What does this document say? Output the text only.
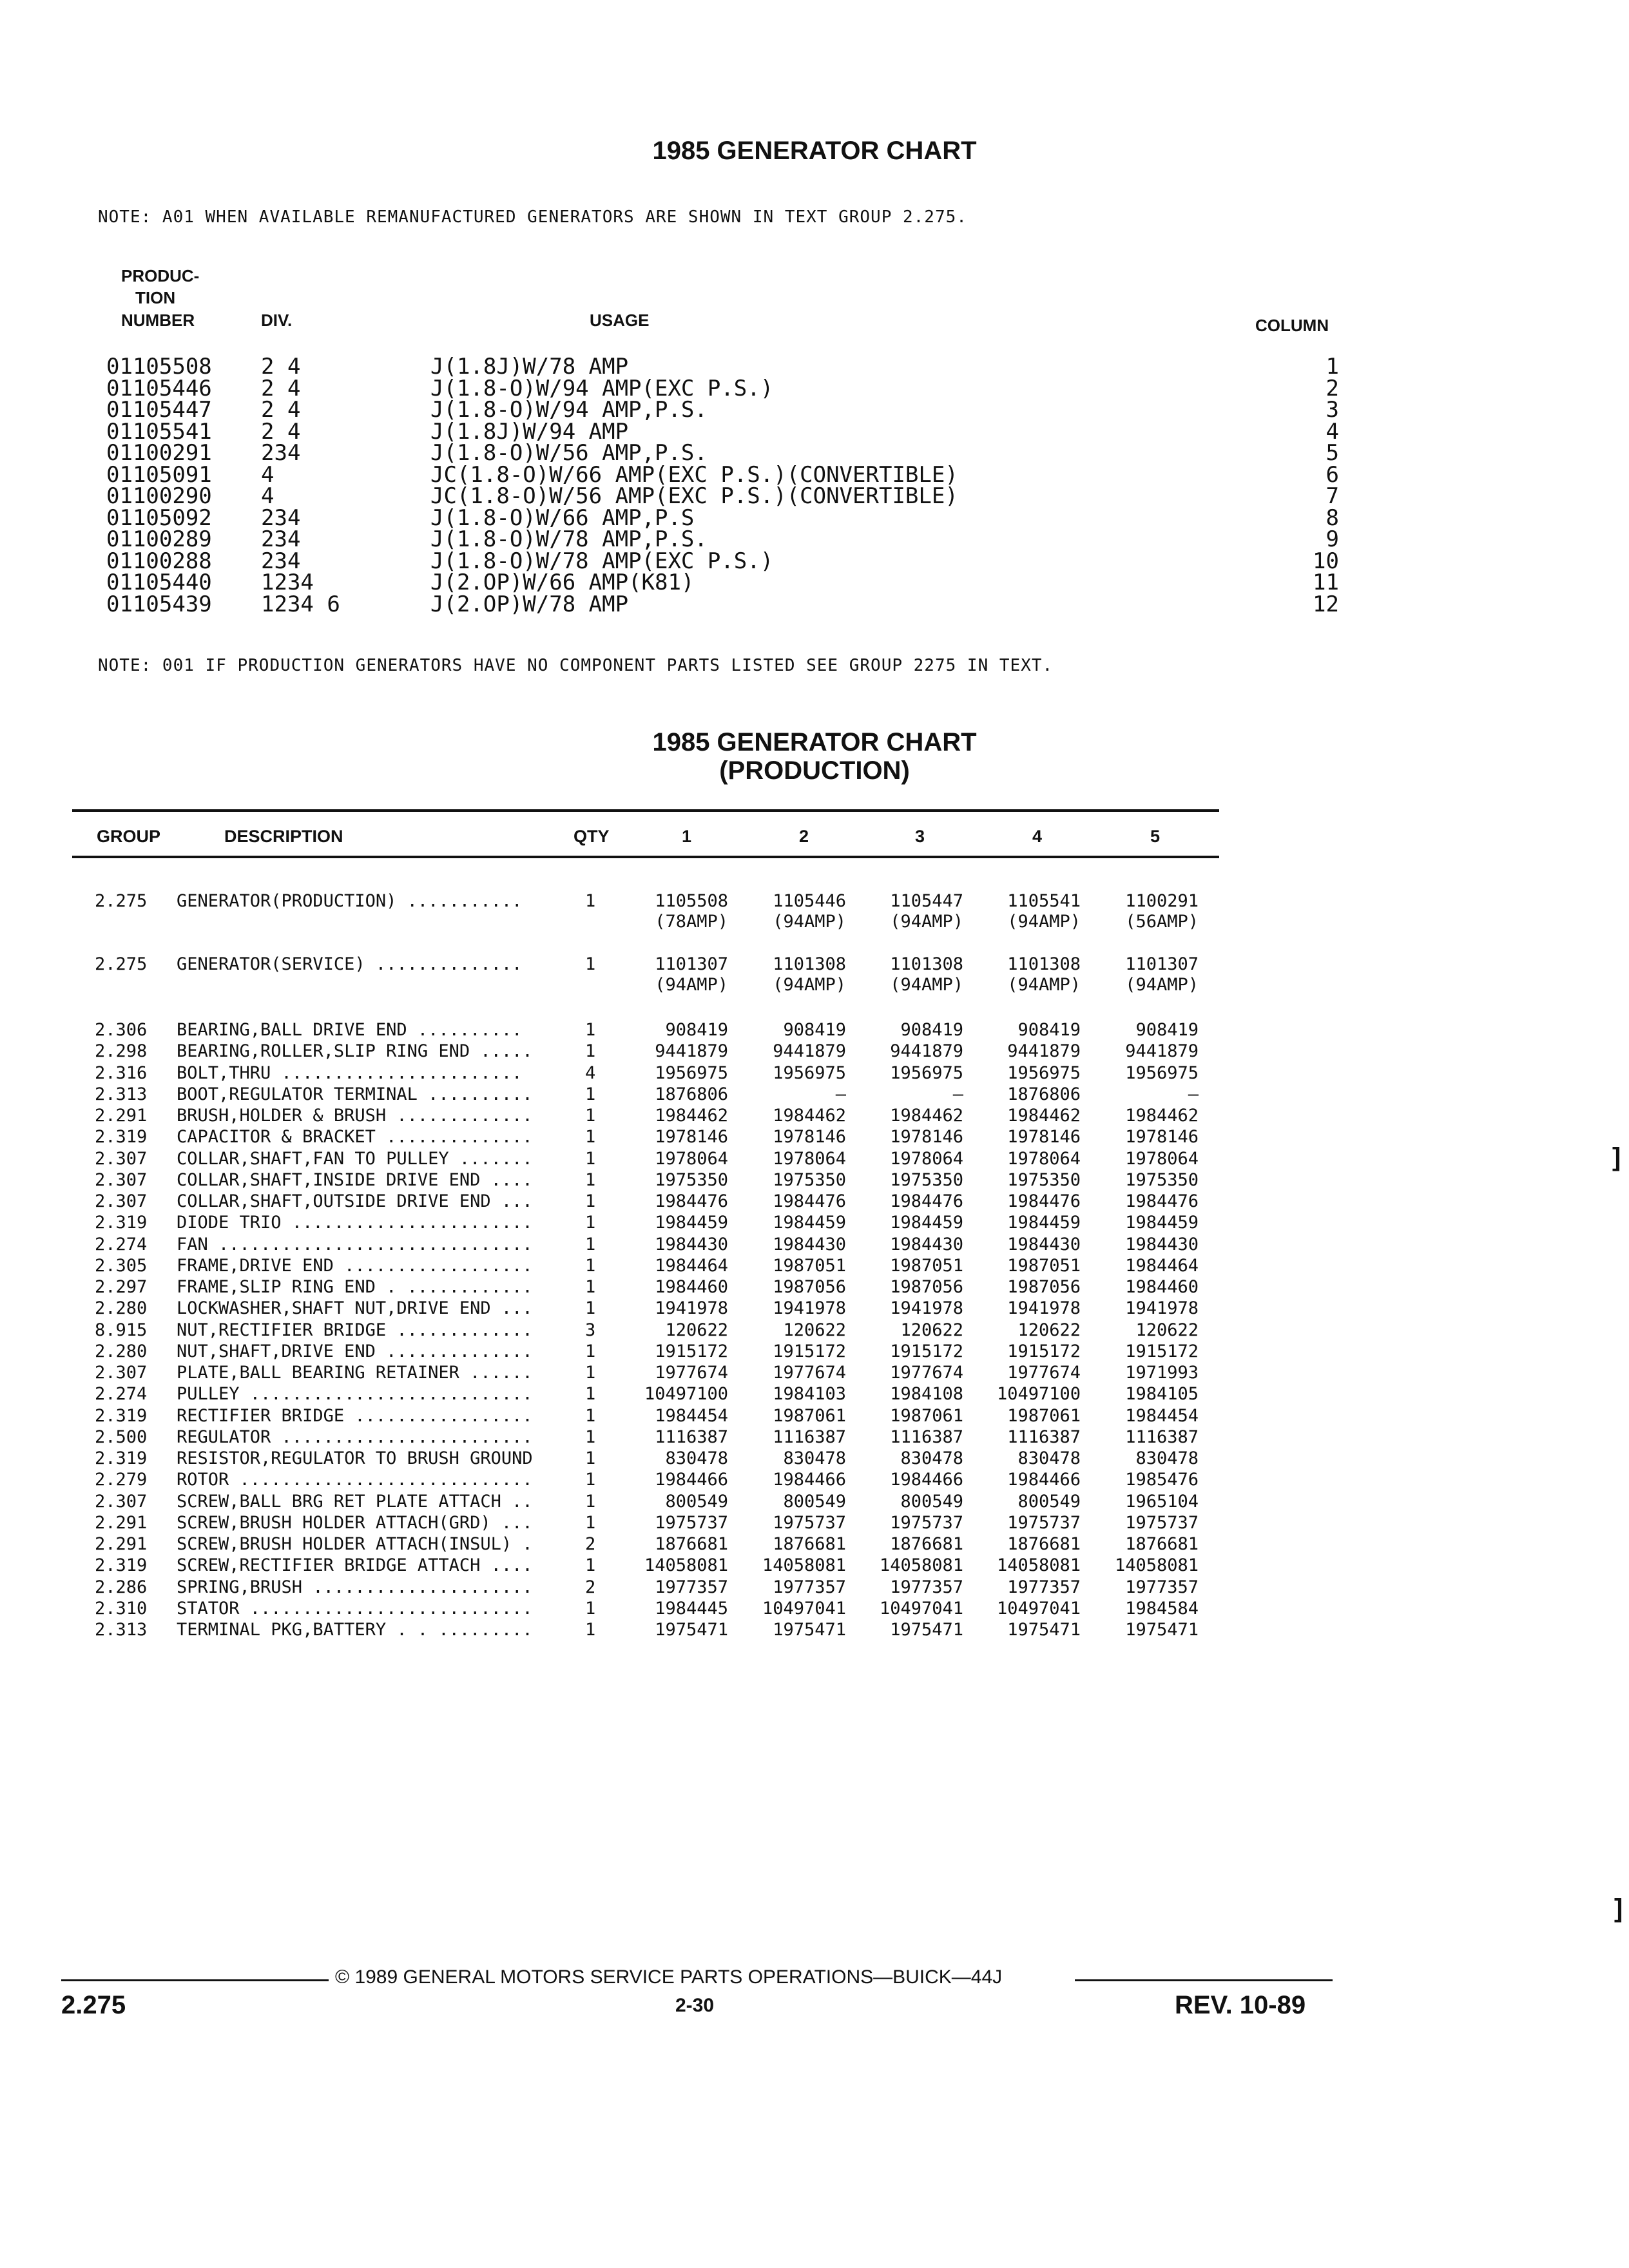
1985 GENERATOR CHART
NOTE: A01 WHEN AVAILABLE REMANUFACTURED GENERATORS ARE SHOWN IN TEXT GROUP 2.275.
PRODUC-
TION
NUMBER	DIV.	USAGE	COLUMN
01105508 2 4	J(1.8J)W/78 AMP	1
01105446 2 4	J(1.8-O)W/94 AMP(EXC P.S.)	2
01105447 2 4	J(1.8-O)W/94 AMP,P.S.	3
01105541 2 4	J(1.8J)W/94 AMP	4
01100291 234	J(1.8-O)W/56 AMP,P.S.	5
01105091 4	JC(1.8-O)W/66 AMP(EXC P.S.)(CONVERTIBLE)	6
01100290 4	JC(1.8-O)W/56 AMP(EXC P.S.)(CONVERTIBLE)	7
01105092 234	J(1.8-O)W/66 AMP,P.S	8
01100289 234	J(1.8-O)W/78 AMP,P.S.	9
01100288 234	J(1.8-O)W/78 AMP(EXC P.S.)	10
01105440 1234	J(2.OP)W/66 AMP(K81)	11
01105439 1234 6	J(2.OP)W/78 AMP	12
NOTE: 001 IF PRODUCTION GENERATORS HAVE NO COMPONENT PARTS LISTED SEE GROUP 2275 IN TEXT.
1985 GENERATOR CHART
(PRODUCTION)
GROUP	DESCRIPTION	QTY	1	2	3	4	5
2.275 GENERATOR(PRODUCTION) ...........	1	1105508	1105446	1105447	1105541	1100291
(78AMP)	(94AMP)	(94AMP)	(94AMP)	(56AMP)
2.275 GENERATOR(SERVICE) ..............	1	1101307	1101308	1101308	1101308	1101307
(94AMP)	(94AMP)	(94AMP)	(94AMP)	(94AMP)
2.306 BEARING,BALL DRIVE END ..........	1	908419	908419	908419	908419	908419
2.298 BEARING,ROLLER,SLIP RING END .....	1	9441879	9441879	9441879	9441879	9441879
2.316 BOLT,THRU .......................	4	1956975	1956975	1956975	1956975	1956975
2.313 BOOT,REGULATOR TERMINAL ..........	1	1876806	—	—	1876806	—
2.291 BRUSH,HOLDER & BRUSH .............	1	1984462	1984462	1984462	1984462	1984462
2.319 CAPACITOR & BRACKET ..............	1	1978146	1978146	1978146	1978146	1978146
2.307 COLLAR,SHAFT,FAN TO PULLEY .......	1	1978064	1978064	1978064	1978064	1978064
2.307 COLLAR,SHAFT,INSIDE DRIVE END ....	1	1975350	1975350	1975350	1975350	1975350
2.307 COLLAR,SHAFT,OUTSIDE DRIVE END ...	1	1984476	1984476	1984476	1984476	1984476
2.319 DIODE TRIO .......................	1	1984459	1984459	1984459	1984459	1984459
2.274 FAN ..............................	1	1984430	1984430	1984430	1984430	1984430
2.305 FRAME,DRIVE END ..................	1	1984464	1987051	1987051	1987051	1984464
2.297 FRAME,SLIP RING END . ............	1	1984460	1987056	1987056	1987056	1984460
2.280 LOCKWASHER,SHAFT NUT,DRIVE END ...	1	1941978	1941978	1941978	1941978	1941978
8.915 NUT,RECTIFIER BRIDGE .............	3	120622	120622	120622	120622	120622
2.280 NUT,SHAFT,DRIVE END ..............	1	1915172	1915172	1915172	1915172	1915172
2.307 PLATE,BALL BEARING RETAINER ......	1	1977674	1977674	1977674	1977674	1971993
2.274 PULLEY ...........................	1	10497100	1984103	1984108	10497100	1984105
2.319 RECTIFIER BRIDGE .................	1	1984454	1987061	1987061	1987061	1984454
2.500 REGULATOR ........................	1	1116387	1116387	1116387	1116387	1116387
2.319 RESISTOR,REGULATOR TO BRUSH GROUND	1	830478	830478	830478	830478	830478
2.279 ROTOR ............................	1	1984466	1984466	1984466	1984466	1985476
2.307 SCREW,BALL BRG RET PLATE ATTACH ..	1	800549	800549	800549	800549	1965104
2.291 SCREW,BRUSH HOLDER ATTACH(GRD) ...	1	1975737	1975737	1975737	1975737	1975737
2.291 SCREW,BRUSH HOLDER ATTACH(INSUL) .	2	1876681	1876681	1876681	1876681	1876681
2.319 SCREW,RECTIFIER BRIDGE ATTACH ....	1	14058081	14058081	14058081	14058081	14058081
2.286 SPRING,BRUSH .....................	2	1977357	1977357	1977357	1977357	1977357
2.310 STATOR ...........................	1	1984445	10497041	10497041	10497041	1984584
2.313 TERMINAL PKG,BATTERY . . .........	1	1975471	1975471	1975471	1975471	1975471
© 1989 GENERAL MOTORS SERVICE PARTS OPERATIONS—BUICK—44J
2.275	2-30	REV. 10-89
]
]
